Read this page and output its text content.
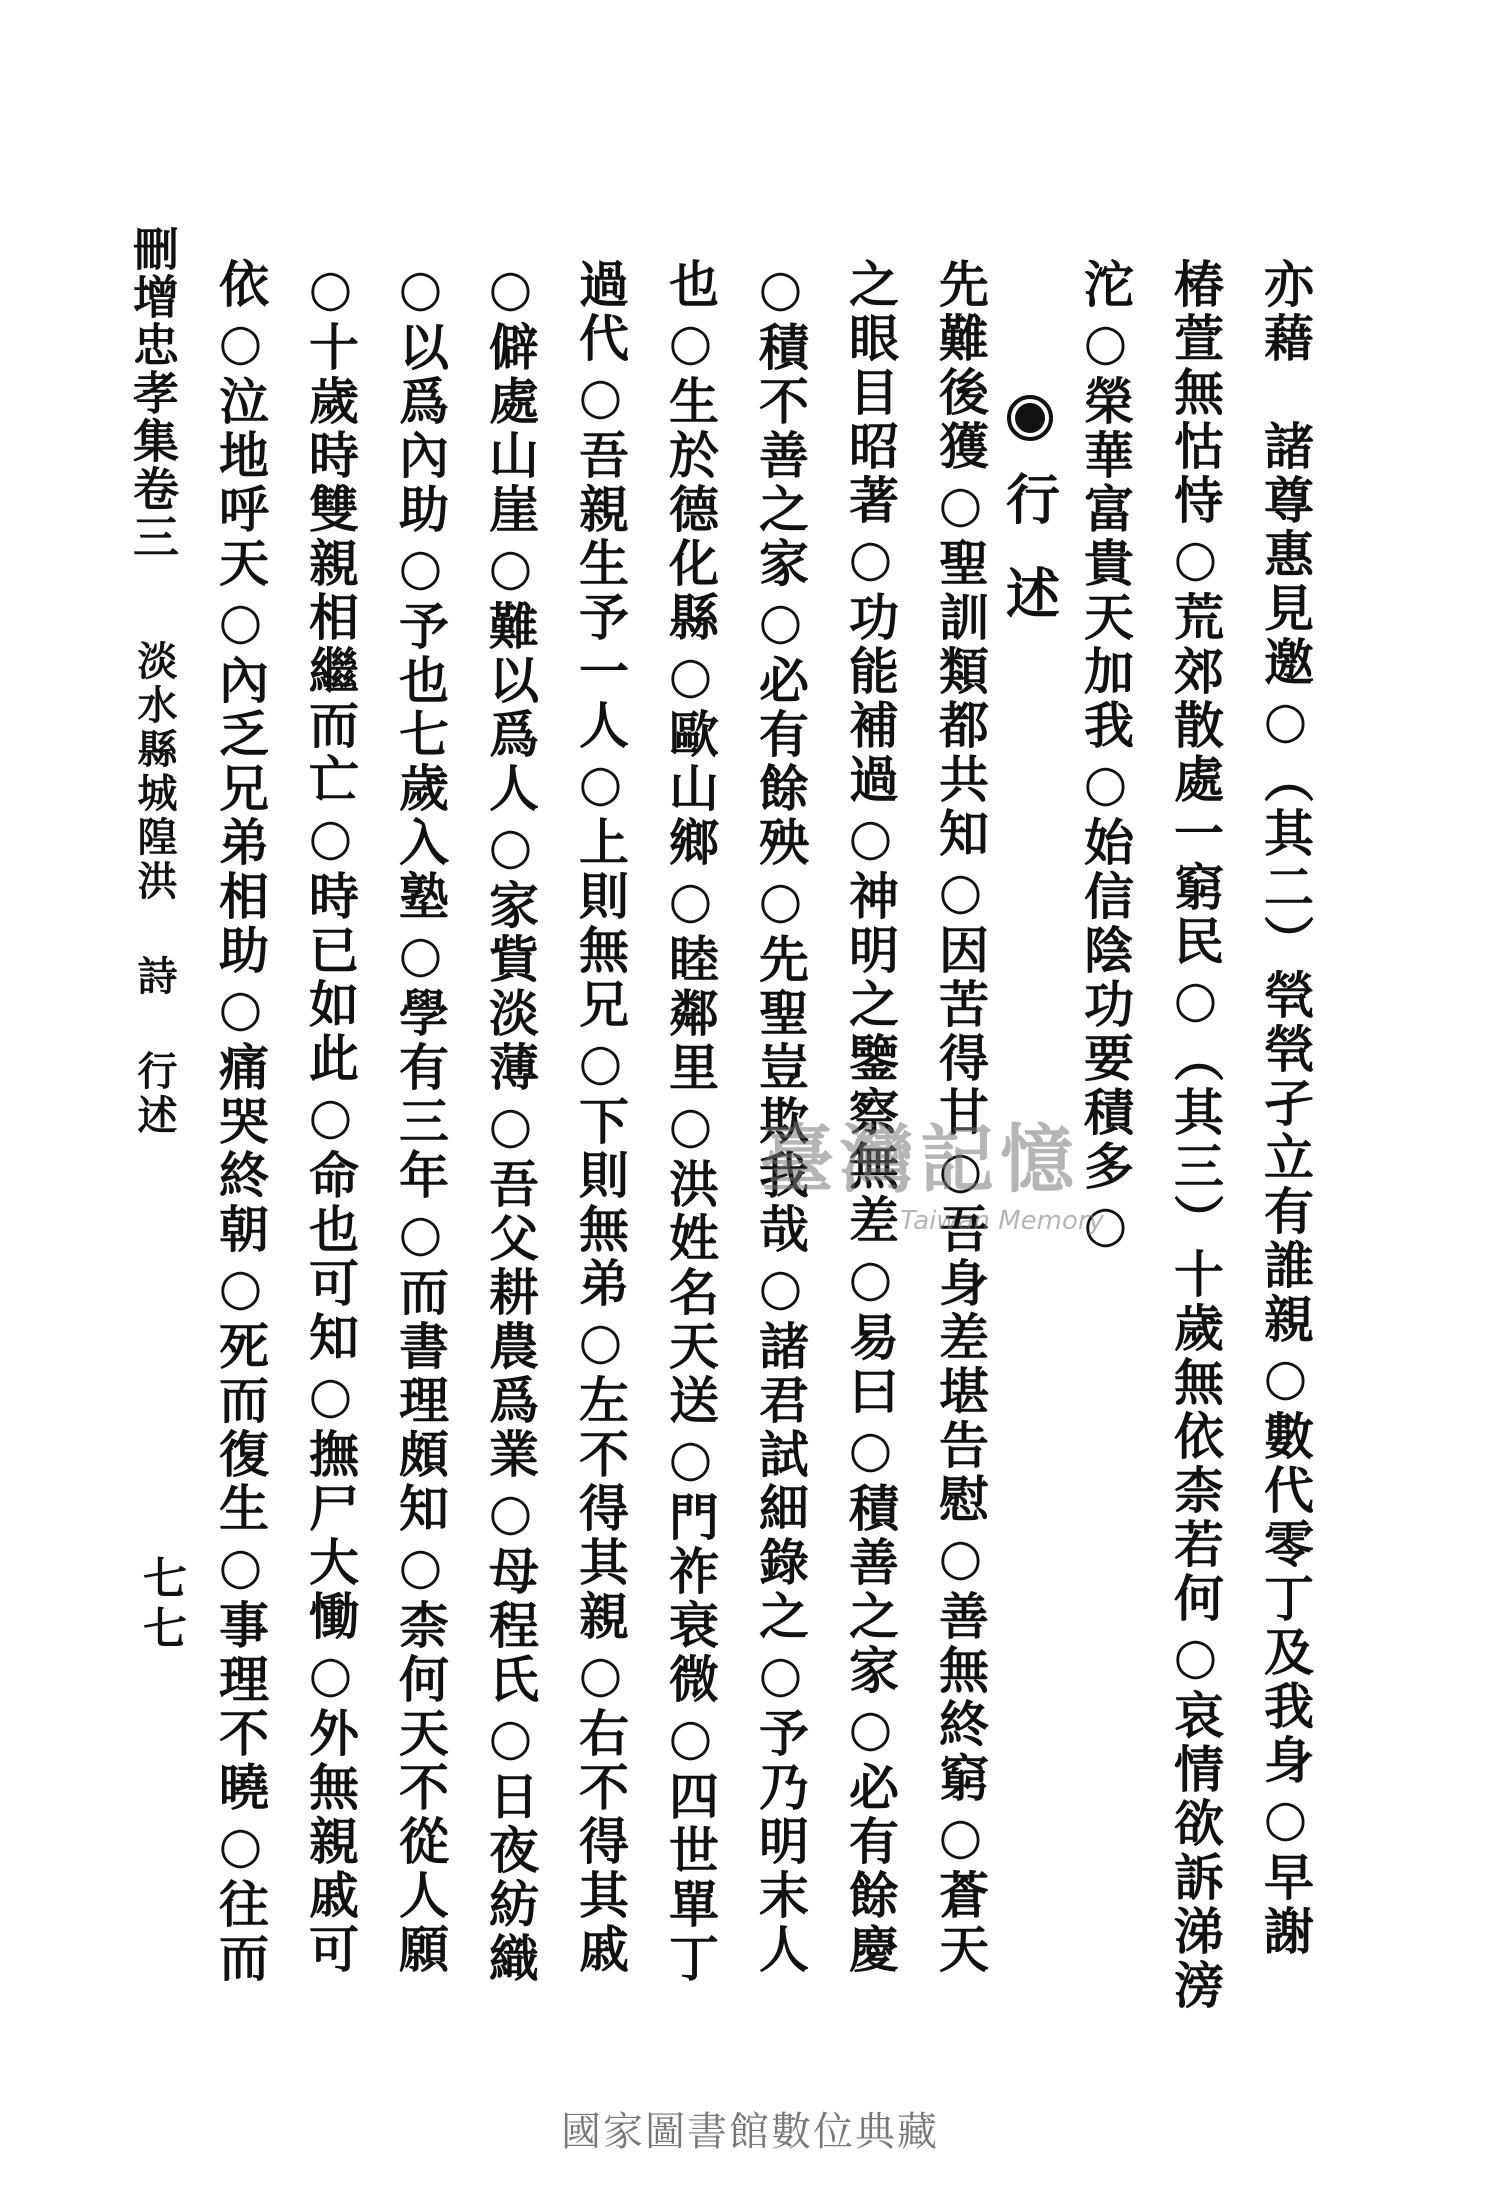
亦藉　諸尊惠見邀○（其二）煢煢孑立有誰親○數代零丁及我身○早謝
椿萱無怙恃○荒郊散處一窮民○（其三）十歲無依柰若何○哀情欲訴涕滂
沱○榮華富貴天加我○始信陰功要積多○
行述
先難後獲○聖訓類都共知○因苦得甘○吾身差堪告慰○善無終窮○蒼天
之眼目昭著○功能補過○神明之鑒察無差○易曰○積善之家○必有餘慶
○積不善之家○必有餘殃○先聖豈欺我哉○諸君試細錄之○予乃明末人
也○生於德化縣○歐山鄉○睦鄰里○洪姓名天送○門祚衰微○四世單丁
過代○吾親生予一人○上則無兄○下則無弟○左不得其親○右不得其戚
○僻處山崖○難以爲人○家貲淡薄○吾父耕農爲業○母程氏○日夜紡織
○以爲內助○予也七歲入塾○學有三年○而書理頗知○柰何天不從人願
○十歲時雙親相繼而亡○時已如此○命也可知○撫尸大慟○外無親戚可
依○泣地呼天○內乏兄弟相助○痛哭終朝○死而復生○事理不曉○往而
刪增忠孝集卷三
淡水縣城隍洪 詩 行述
七七
臺灣記憶
Taiwan Memory
國家圖書館數位典藏
